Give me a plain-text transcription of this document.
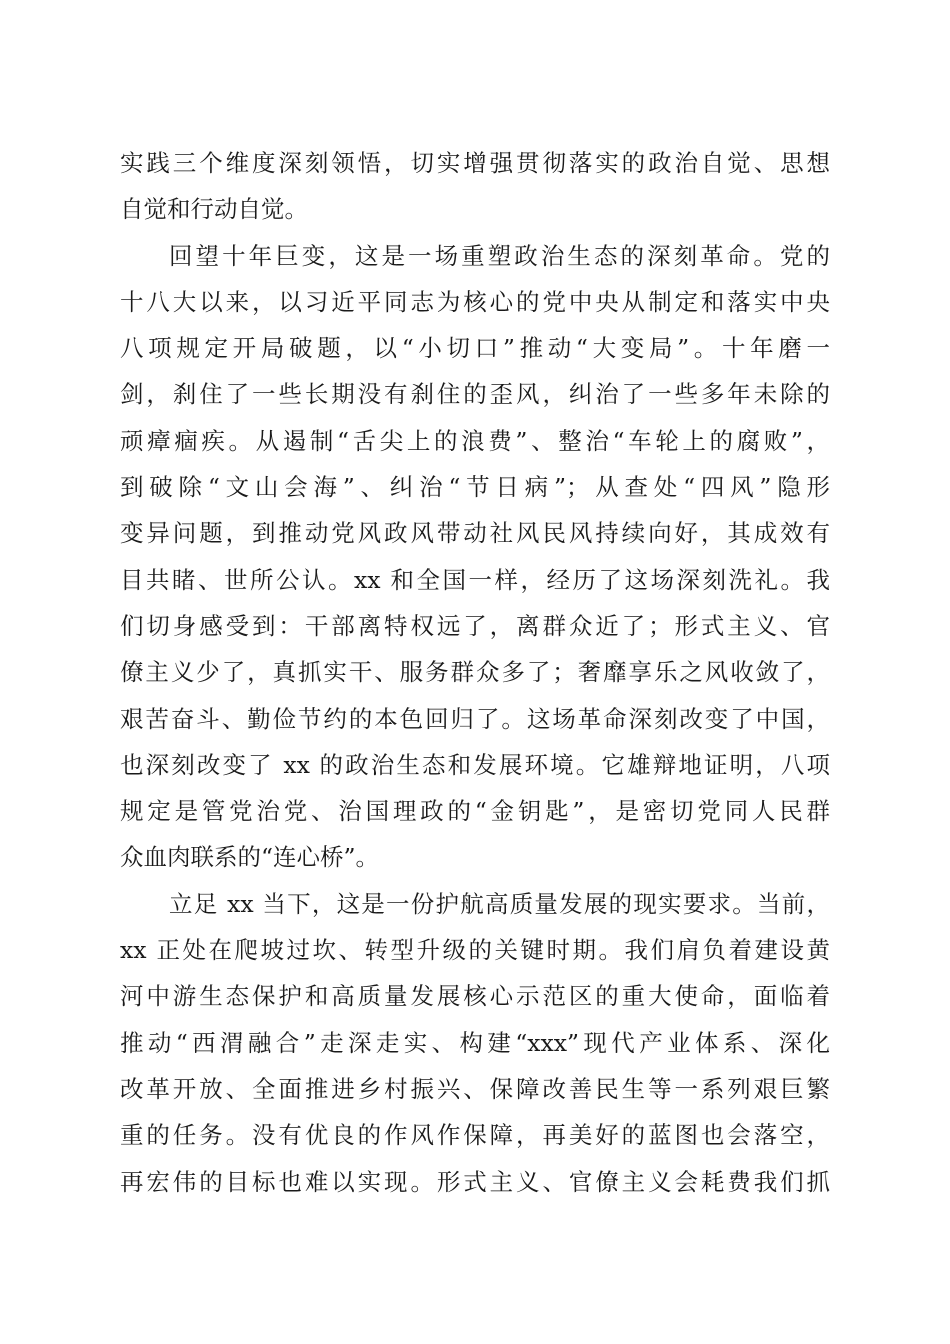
实践三个维度深刻领悟，切实增强贯彻落实的政治自觉、思想
自觉和行动自觉。
回望十年巨变，这是一场重塑政治生态的深刻革命。党的
十八大以来，以习近平同志为核心的党中央从制定和落实中央
八项规定开局破题，以“小切口”推动“大变局”。十年磨一
剑，刹住了一些长期没有刹住的歪风，纠治了一些多年未除的
顽瘴痼疾。从遏制“舌尖上的浪费”、整治“车轮上的腐败”，
到破除“文山会海”、纠治“节日病”；从查处“四风”隐形
变异问题，到推动党风政风带动社风民风持续向好，其成效有
目共睹、世所公认。xx 和全国一样，经历了这场深刻洗礼。我
们切身感受到：干部离特权远了，离群众近了；形式主义、官
僚主义少了，真抓实干、服务群众多了；奢靡享乐之风收敛了，
艰苦奋斗、勤俭节约的本色回归了。这场革命深刻改变了中国，
也深刻改变了 xx 的政治生态和发展环境。它雄辩地证明，八项
规定是管党治党、治国理政的“金钥匙”，是密切党同人民群
众血肉联系的“连心桥”。
立足 xx 当下，这是一份护航高质量发展的现实要求。当前，
xx 正处在爬坡过坎、转型升级的关键时期。我们肩负着建设黄
河中游生态保护和高质量发展核心示范区的重大使命，面临着
推动“西渭融合”走深走实、构建“xxx”现代产业体系、深化
改革开放、全面推进乡村振兴、保障改善民生等一系列艰巨繁
重的任务。没有优良的作风作保障，再美好的蓝图也会落空，
再宏伟的目标也难以实现。形式主义、官僚主义会耗费我们抓
